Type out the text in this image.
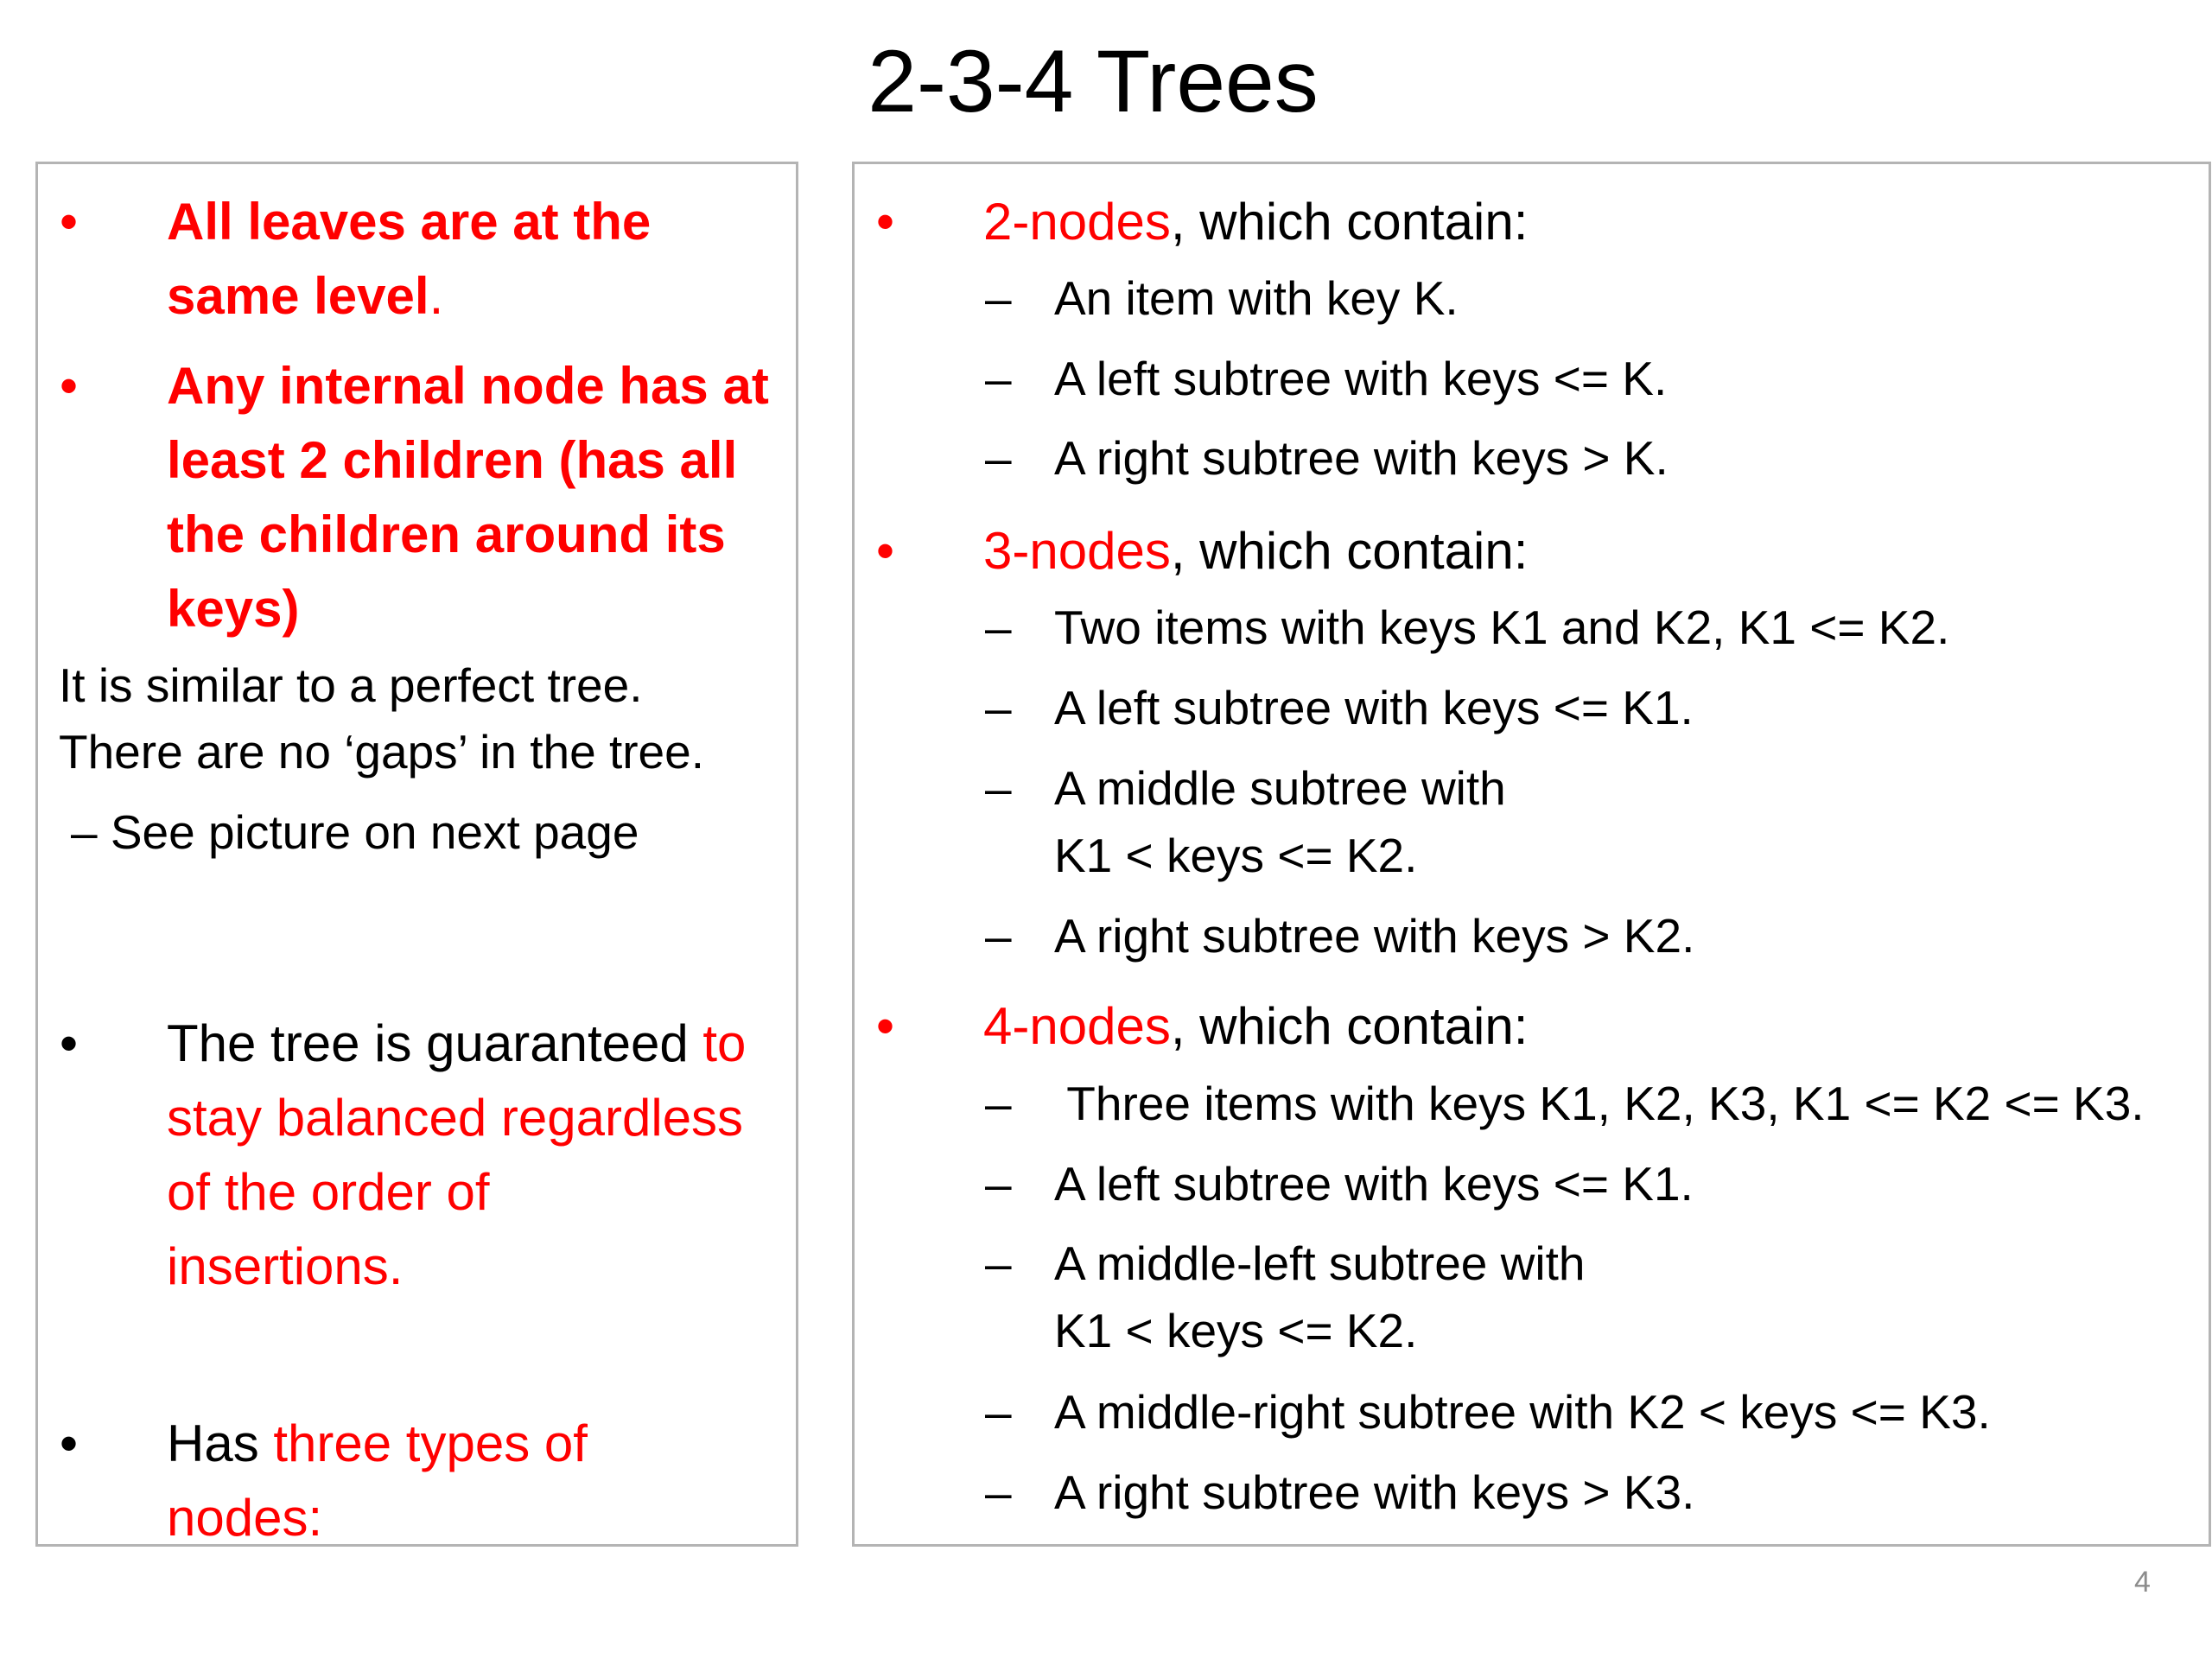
2-3-4 Trees
•	All leaves are at the
same level.
•	Any internal node has at
least 2 children (has all
the children around its
keys)
It is similar to a perfect tree.
There are no ‘gaps’ in the tree.
– See picture on next page
•	The tree is guaranteed to
stay balanced regardless
of the order of
insertions.
•	Has three types of
nodes:
•	2-nodes, which contain:
–
– An item with key K.
– A left subtree with keys <= K.
A right subtree with keys > K.
•	3-nodes, which contain:
– Two items with keys K1 and K2, K1 <= K2.
– A left subtree with keys <= K1.
– A middle subtree with
K1 < keys <= K2.
– A right subtree with keys > K2.
•	4-nodes, which contain:
– Three items with keys K1, K2, K3, K1 <= K2 <= K3.
– A left subtree with keys <= K1.
– A middle-left subtree with
K1 < keys <= K2.
– A middle-right subtree with K2 < keys <= K3.
– A right subtree with keys > K3.
4
